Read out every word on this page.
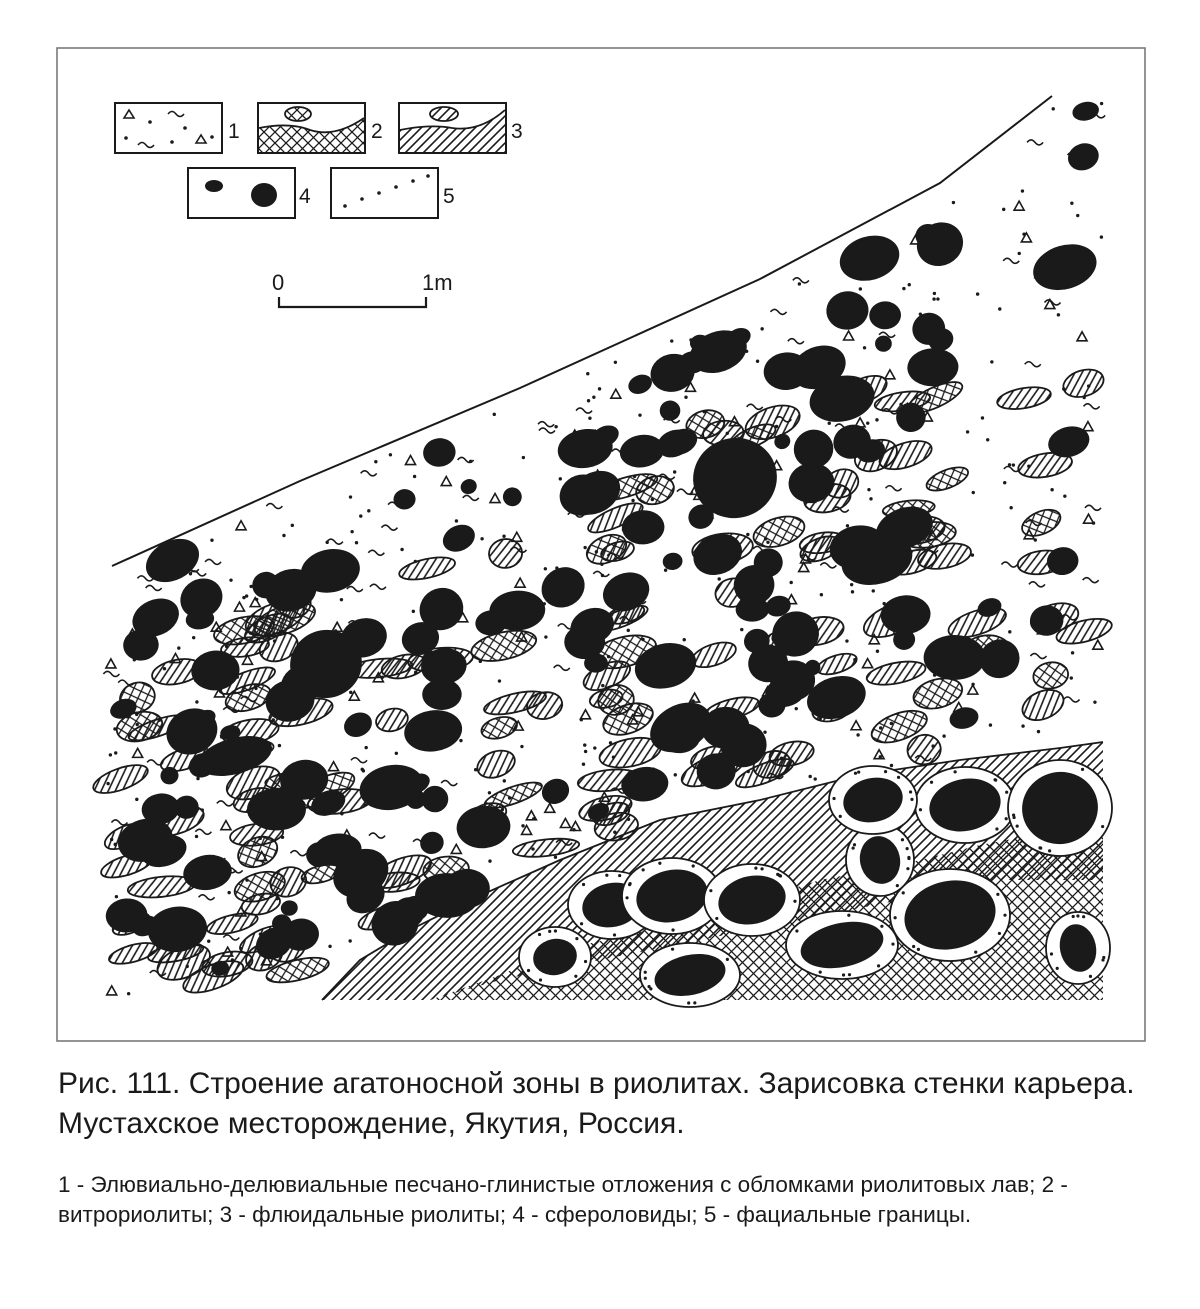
1	2	3
4	5
0	1m

Рис. 111. Строение агатоносной зоны в риолитах. Зарисовка стенки карьера. Мустахское месторождение, Якутия, Россия.

1 - Элювиально-делювиальные песчано-глинистые отложения с обломками риолитовых лав; 2 - витрориолиты; 3 - флюидальные риолиты; 4 - сфероловиды; 5 - фациальные границы.
